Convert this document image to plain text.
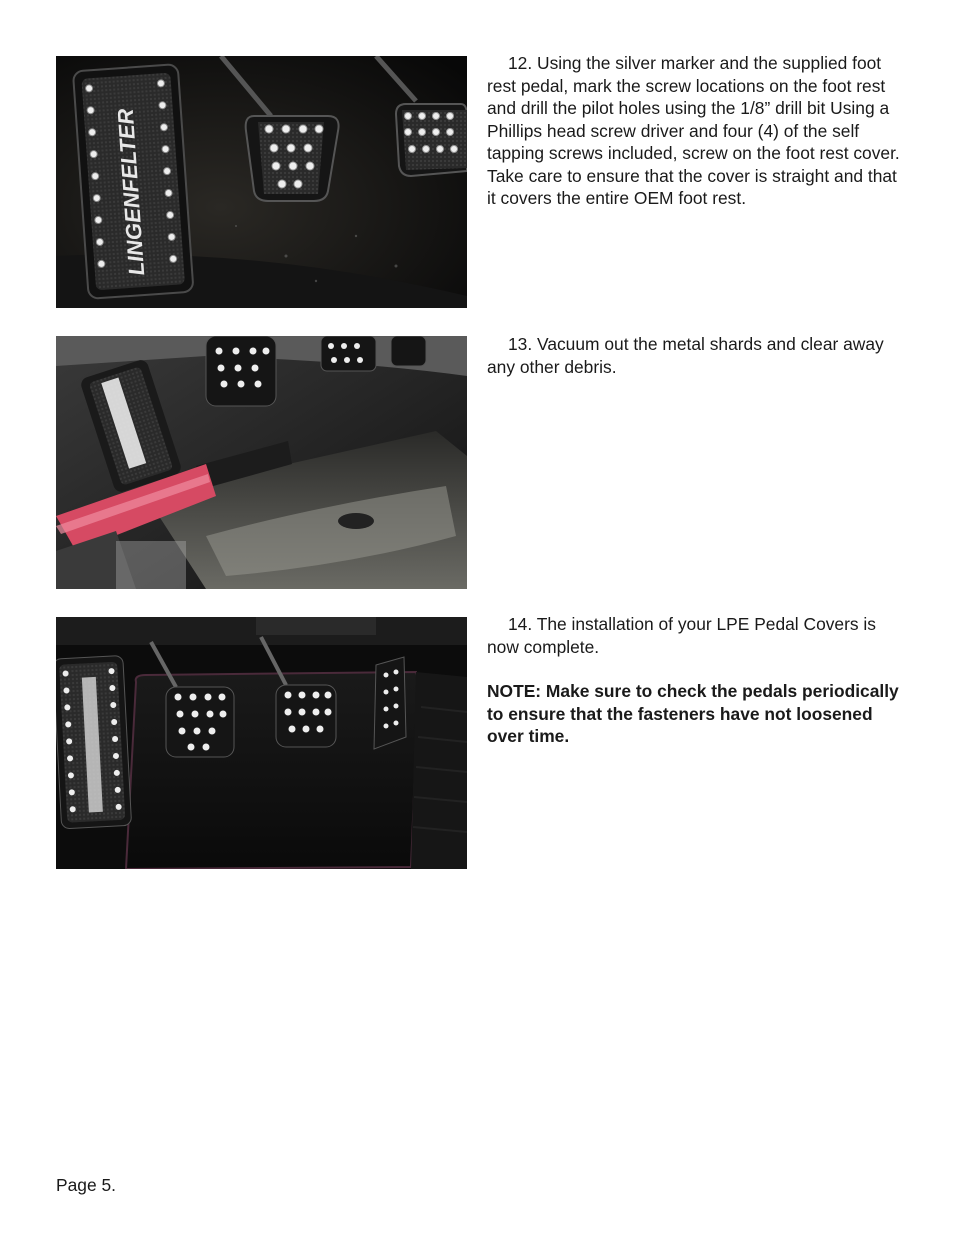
LINGENFELTER

12. Using the silver marker and the supplied foot rest pedal, mark the screw locations on the foot rest and drill the pilot holes using the 1/8” drill bit Using a Phillips head screw driver and four (4) of the self tapping screws included, screw on the foot rest cover. Take care to ensure that the cover is straight and that it covers the entire OEM foot rest.

13. Vacuum out the metal shards and clear away any other debris.

14. The installation of your LPE Pedal Covers is now complete.

NOTE: Make sure to check the pedals periodically to ensure that the fasteners have not loosened over time.

Page 5.
